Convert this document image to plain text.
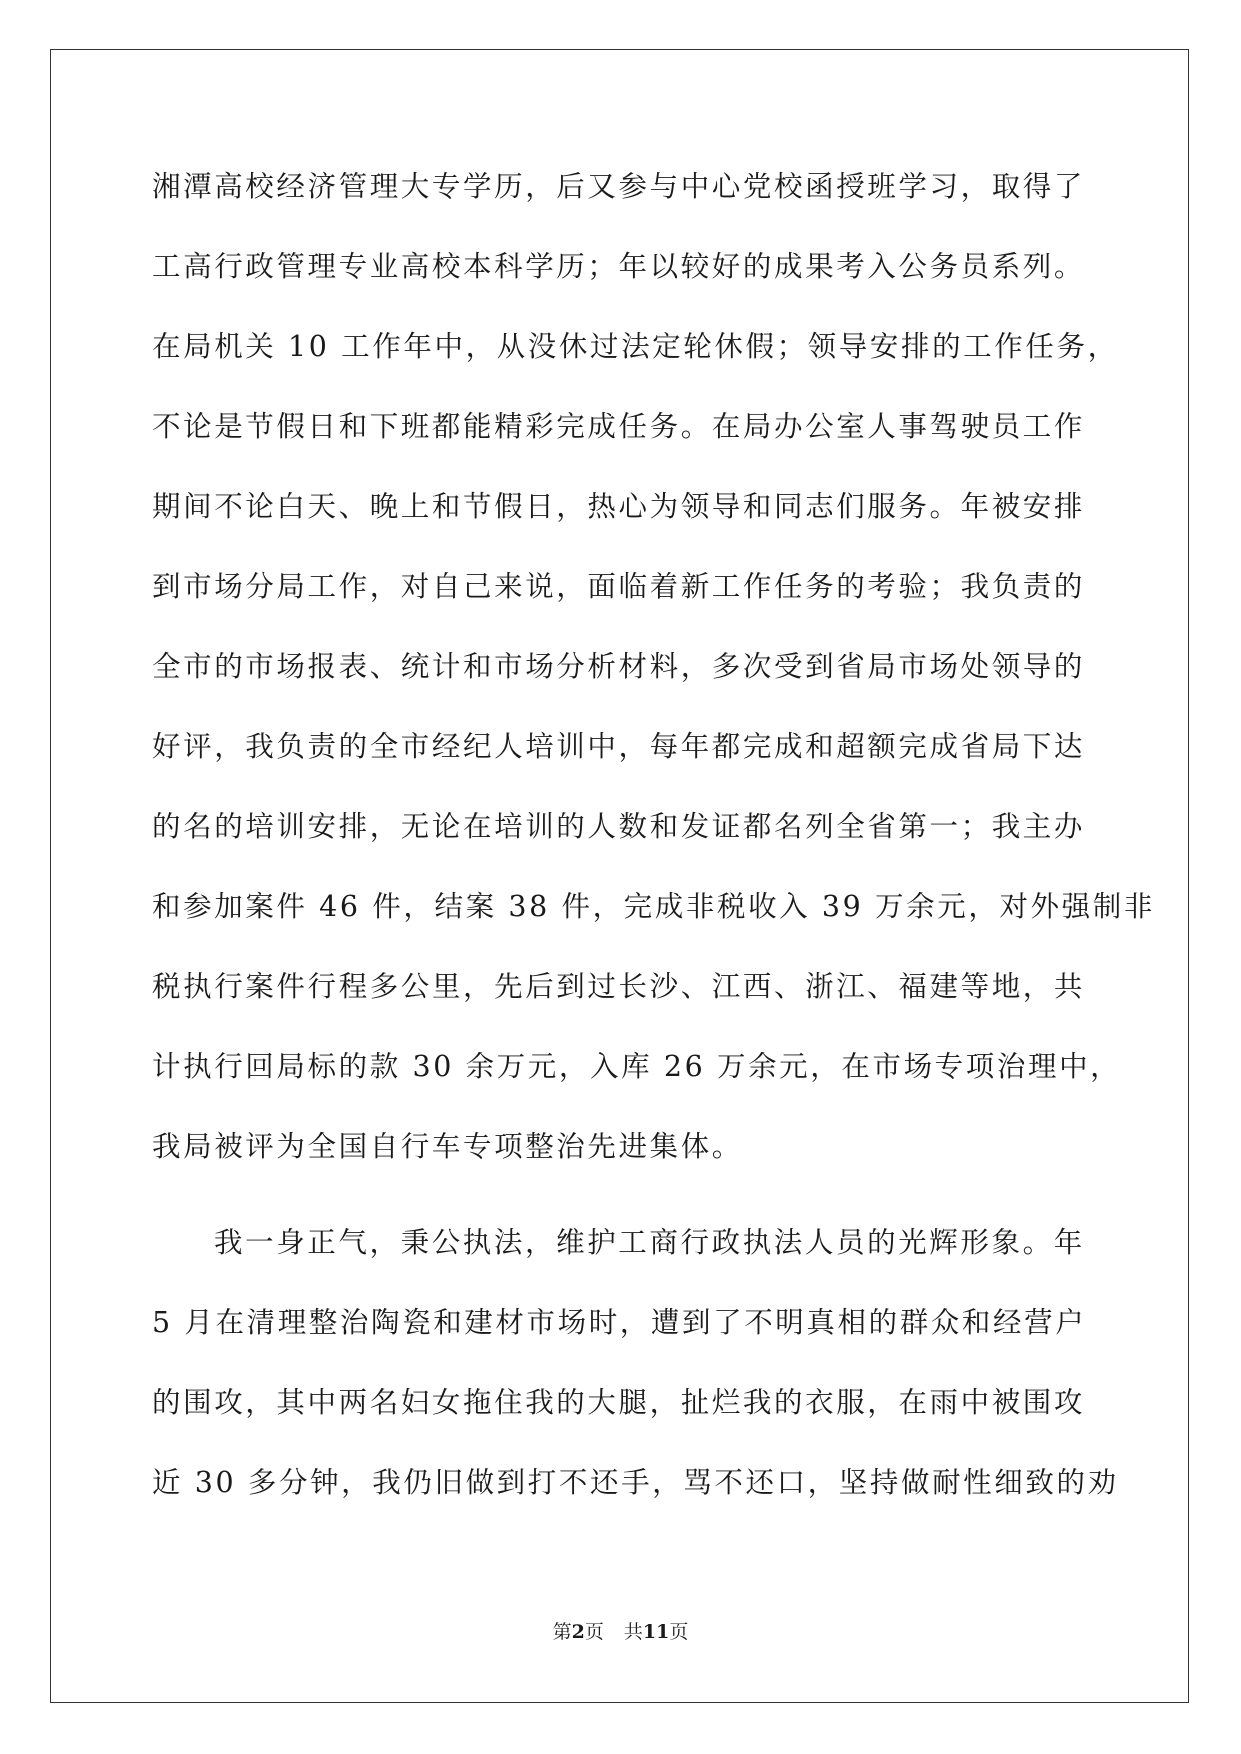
湘潭高校经济管理大专学历，后又参与中心党校函授班学习，取得了
工高行政管理专业高校本科学历；年以较好的成果考入公务员系列。
在局机关 10 工作年中，从没休过法定轮休假；领导安排的工作任务，
不论是节假日和下班都能精彩完成任务。在局办公室人事驾驶员工作
期间不论白天、晚上和节假日，热心为领导和同志们服务。年被安排
到市场分局工作，对自己来说，面临着新工作任务的考验；我负责的
全市的市场报表、统计和市场分析材料，多次受到省局市场处领导的
好评，我负责的全市经纪人培训中，每年都完成和超额完成省局下达
的名的培训安排，无论在培训的人数和发证都名列全省第一；我主办
和参加案件 46 件，结案 38 件，完成非税收入 39 万余元，对外强制非
税执行案件行程多公里，先后到过长沙、江西、浙江、福建等地，共
计执行回局标的款 30 余万元，入库 26 万余元，在市场专项治理中，
我局被评为全国自行车专项整治先进集体。
我一身正气，秉公执法，维护工商行政执法人员的光辉形象。年
5 月在清理整治陶瓷和建材市场时，遭到了不明真相的群众和经营户
的围攻，其中两名妇女拖住我的大腿，扯烂我的衣服，在雨中被围攻
近 30 多分钟，我仍旧做到打不还手，骂不还口，坚持做耐性细致的劝
第2页 共11页
